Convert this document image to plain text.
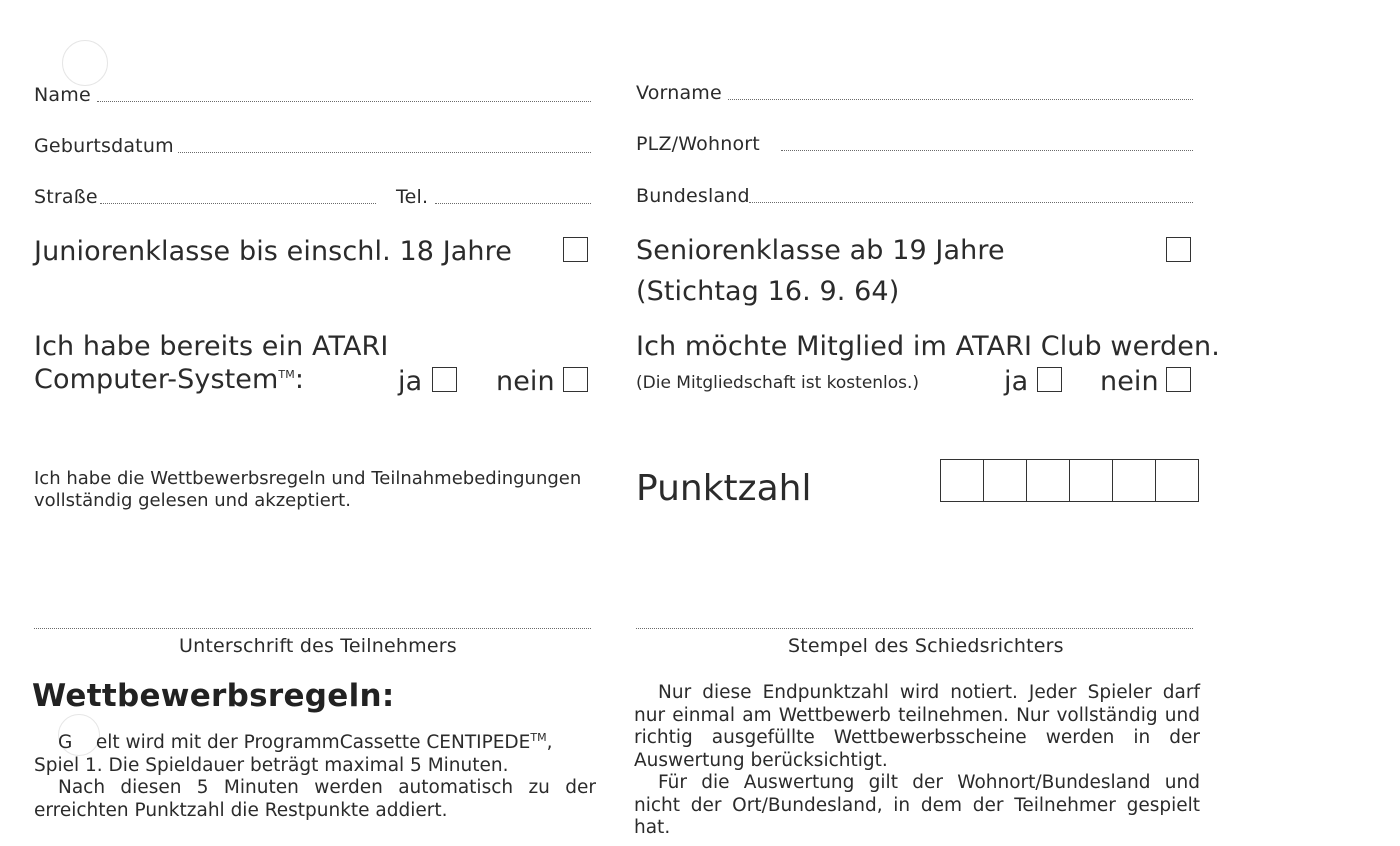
Name	Vorname
Geburtsdatum	PLZ/Wohnort
Straße	Tel.	Bundesland
Juniorenklasse bis einschl. 18 Jahre	Seniorenklasse ab 19 Jahre
(Stichtag 16. 9. 64)
Ich habe bereits ein ATARI
Computer-System™:	ja	nein
Ich möchte Mitglied im ATARI Club werden.
(Die Mitgliedschaft ist kostenlos.)	ja	nein
Ich habe die Wettbewerbsregeln und Teilnahmebedingungen
vollständig gelesen und akzeptiert.	Punktzahl
Unterschrift des Teilnehmers	Stempel des Schiedsrichters
Wettbewerbsregeln:

G elt wird mit der ProgrammCassette CENTIPEDE™,

Spiel 1. Die Spieldauer beträgt maximal 5 Minuten.

Nach diesen 5 Minuten werden automatisch zu der erreichten Punktzahl die Restpunkte addiert.

Nur diese Endpunktzahl wird notiert. Jeder Spieler darf nur einmal am Wettbewerb teilnehmen. Nur vollständig und richtig ausgefüllte Wettbewerbsscheine werden in der Auswertung berücksichtigt.

Für die Auswertung gilt der Wohnort/Bundesland und nicht der Ort/Bundesland, in dem der Teilnehmer gespielt hat.
